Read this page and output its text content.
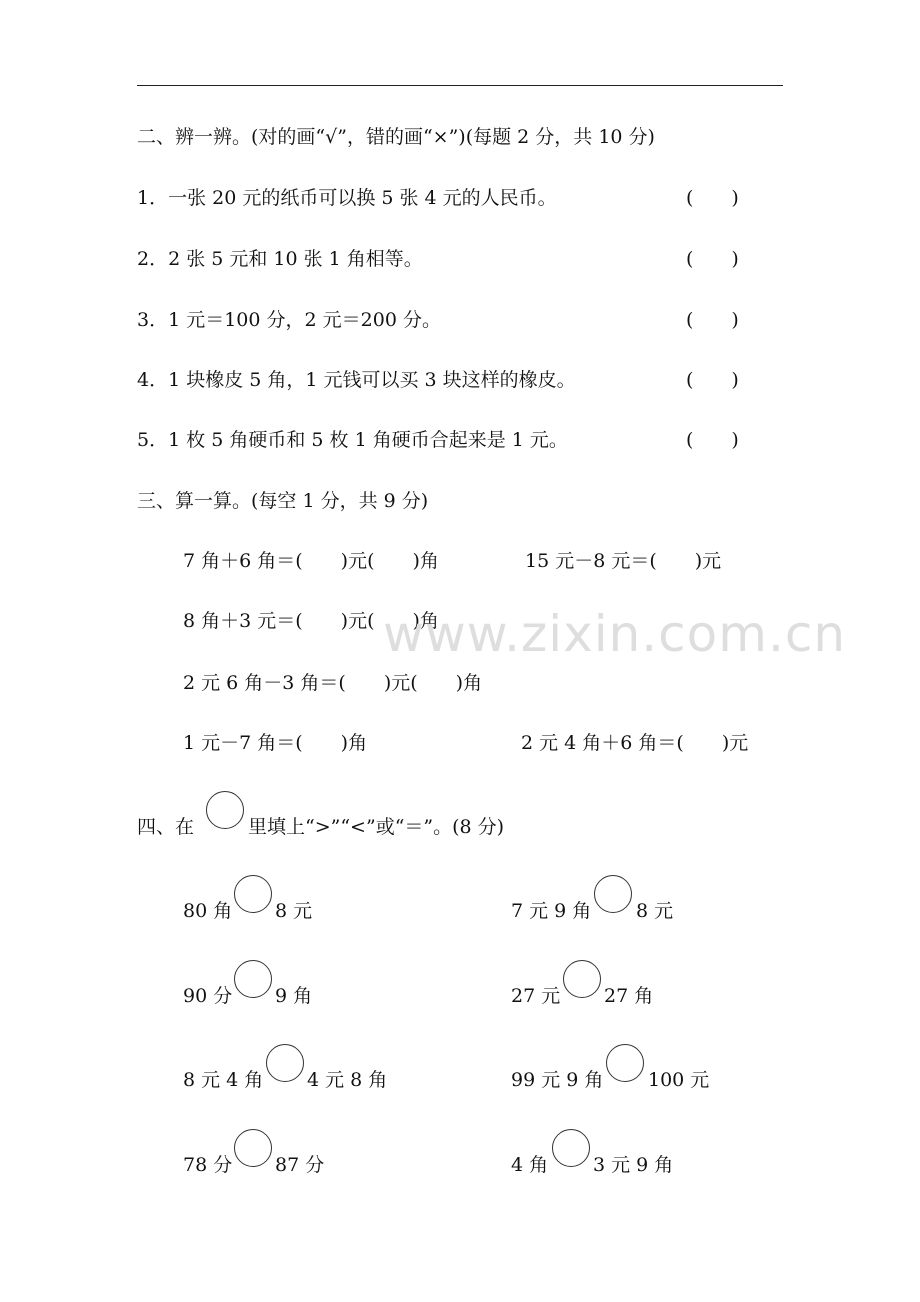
二、辨一辨。(对的画“√”，错的画“×”)(每题 2 分，共 10 分)
1．一张 20 元的纸币可以换 5 张 4 元的人民币。	(　　)
2．2 张 5 元和 10 张 1 角相等。	(　　)
3．1 元＝100 分，2 元＝200 分。	(　　)
4．1 块橡皮 5 角，1 元钱可以买 3 块这样的橡皮。	(　　)
5．1 枚 5 角硬币和 5 枚 1 角硬币合起来是 1 元。	(　　)
三、算一算。(每空 1 分，共 9 分)
7 角＋6 角＝(　　)元(　　)角	15 元－8 元＝(　　)元
8 角＋3 元＝(　　)元(　　)角
2 元 6 角－3 角＝(　　)元(　　)角
1 元－7 角＝(　　)角	2 元 4 角＋6 角＝(　　)元
www.zixin.com.cn
四、在	里填上“>”“<”或“＝”。(8 分)
80 角 8 元	7 元 9 角 8 元
90 分 9 角	27 元 27 角
8 元 4 角 4 元 8 角	99 元 9 角 100 元
78 分 87 分	4 角 3 元 9 角
